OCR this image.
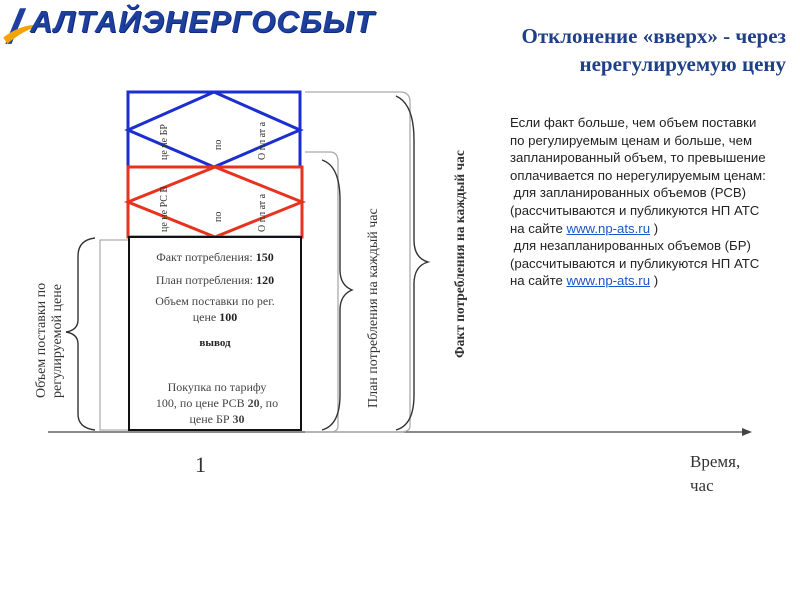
АЛТАЙЭНЕРГОСБЫТ	Отклонение «вверх» - через
нерегулируемую цену

Если факт больше, чем объем поставки по регулируемым ценам и больше, чем запланированный объем, то превышение оплачивается по нерегулируемым ценам:

для запланированных объемов (РСВ) (рассчитываются и публикуются НП АТС на сайте www.np-ats.ru )

для незапланированных объемов (БР) (рассчитываются и публикуются НП АТС на сайте www.np-ats.ru )

О пл ат а
по
це не БР
О пл ат а
по
це не РС В
Факт потребления: 150
План потребления: 120
Объем поставки по рег.
цене 100
вывод
Покупка по тарифу
100, по цене РСВ 20, по
цене БР 30
Объем поставки по регулируемой цене	План потребления на каждый час	Факт потребления на каждый час
1	Время,
час
